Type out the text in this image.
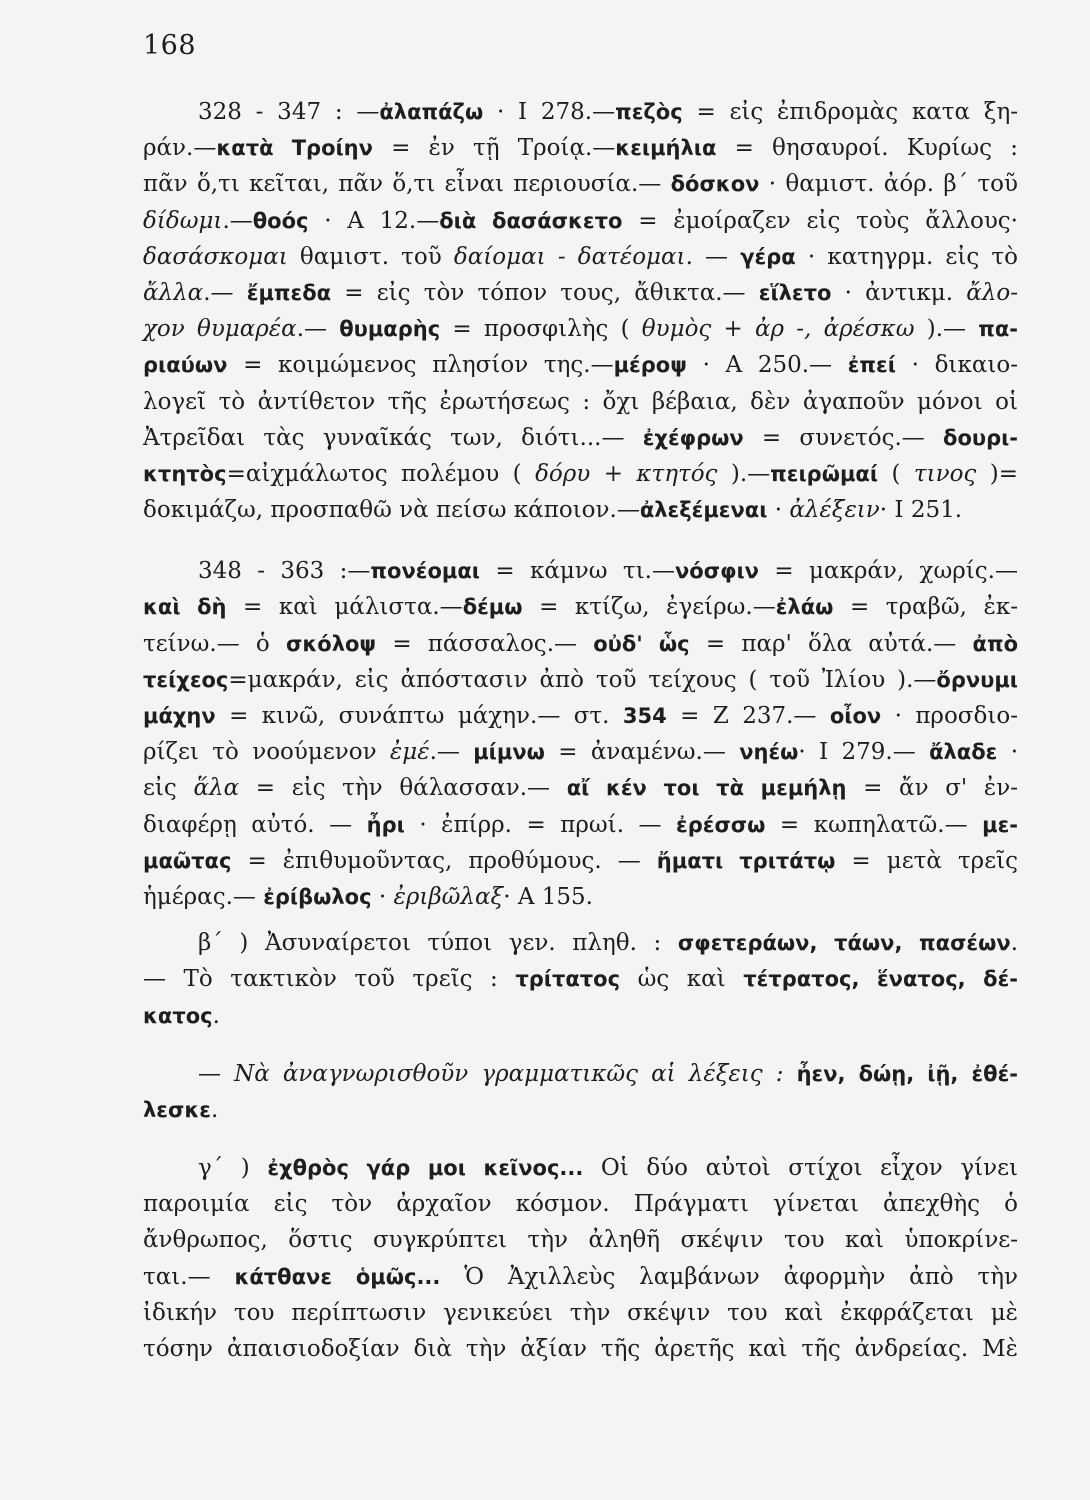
168
328 - 347 : —ἀλαπάζω · Ι 278.—πεζὸς = εἰς ἐπιδρομὰς κατα ξη-
ράν.—κατὰ Τροίην = ἐν τῇ Τροίᾳ.—κειμήλια = θησαυροί. Κυρίως :
πᾶν ὅ,τι κεῖται, πᾶν ὅ,τι εἶναι περιουσία.— δόσκον · θαμιστ. ἀόρ. β΄ τοῦ
δίδωμι.—θοός · Α 12.—διὰ δασάσκετο = ἐμοίραζεν εἰς τοὺς ἄλλους·
δασάσκομαι θαμιστ. τοῦ δαίομαι - δατέομαι. — γέρα · κατηγρμ. εἰς τὸ
ἄλλα.— ἔμπεδα = εἰς τὸν τόπον τους, ἄθικτα.— εἵλετο · ἀντικμ. ἄλο-
χον θυμαρέα.— θυμαρὴς = προσφιλὴς ( θυμὸς + ἀρ -, ἀρέσκω ).— πα-
ριαύων = κοιμώμενος πλησίον της.—μέροψ · Α 250.— ἐπεί · δικαιο-
λογεῖ τὸ ἀντίθετον τῆς ἐρωτήσεως : ὄχι βέβαια, δὲν ἀγαποῦν μόνοι οἱ
Ἀτρεῖδαι τὰς γυναῖκάς των, διότι...— ἐχέφρων = συνετός.— δουρι-
κτητὸς=αἰχμάλωτος πολέμου ( δόρυ + κτητός ).—πειρῶμαί ( τινος )=
δοκιμάζω, προσπαθῶ νὰ πείσω κάποιον.—ἀλεξέμεναι · ἀλέξειν· Ι 251.
348 - 363 :—πονέομαι = κάμνω τι.—νόσφιν = μακράν, χωρίς.—
καὶ δὴ = καὶ μάλιστα.—δέμω = κτίζω, ἐγείρω.—ἐλάω = τραβῶ, ἐκ-
τείνω.— ὁ σκόλοψ = πάσσαλος.— οὐδ' ὧς = παρ' ὅλα αὐτά.— ἀπὸ
τείχεος=μακράν, εἰς ἀπόστασιν ἀπὸ τοῦ τείχους ( τοῦ Ἰλίου ).—ὄρνυμι
μάχην = κινῶ, συνάπτω μάχην.— στ. 354 = Ζ 237.— οἶον · προσδιο-
ρίζει τὸ νοούμενον ἐμέ.— μίμνω = ἀναμένω.— νηέω· Ι 279.— ἄλαδε ·
εἰς ἅλα = εἰς τὴν θάλασσαν.— αἴ κέν τοι τὰ μεμήλῃ = ἄν σ' ἐν-
διαφέρῃ αὐτό. — ἦρι · ἐπίρρ. = πρωί. — ἐρέσσω = κωπηλατῶ.— με-
μαῶτας = ἐπιθυμοῦντας, προθύμους. — ἤματι τριτάτῳ = μετὰ τρεῖς
ἡμέρας.— ἐρίβωλος · ἐριβῶλαξ· Α 155.
β΄ ) Ἀσυναίρετοι τύποι γεν. πληθ. : σφετεράων, τάων, πασέων.
— Τὸ τακτικὸν τοῦ τρεῖς : τρίτατος ὡς καὶ τέτρατος, ἕνατος, δέ-
κατος.
— Νὰ ἀναγνωρισθοῦν γραμματικῶς αἱ λέξεις : ἦεν, δώῃ, ἰῇ, ἐθέ-
λεσκε.
γ΄ ) ἐχθρὸς γάρ μοι κεῖνος... Οἱ δύο αὐτοὶ στίχοι εἶχον γίνει
παροιμία εἰς τὸν ἀρχαῖον κόσμον. Πράγματι γίνεται ἀπεχθὴς ὁ
ἄνθρωπος, ὅστις συγκρύπτει τὴν ἀληθῆ σκέψιν του καὶ ὑποκρίνε-
ται.— κάτθανε ὁμῶς... Ὁ Ἀχιλλεὺς λαμβάνων ἀφορμὴν ἀπὸ τὴν
ἰδικήν του περίπτωσιν γενικεύει τὴν σκέψιν του καὶ ἐκφράζεται μὲ
τόσην ἀπαισιοδοξίαν διὰ τὴν ἀξίαν τῆς ἀρετῆς καὶ τῆς ἀνδρείας. Μὲ
